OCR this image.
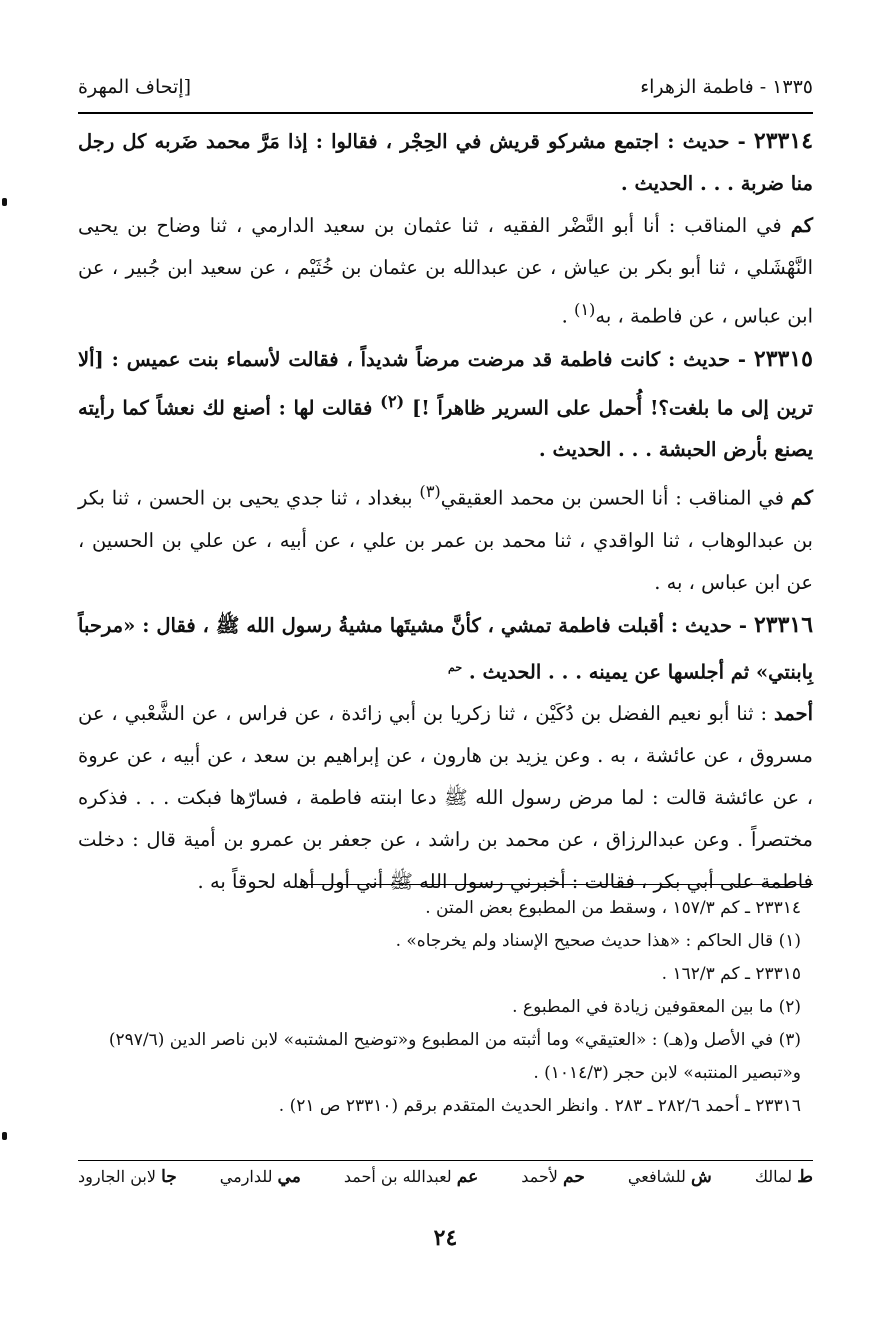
١٣٣٥ - فاطمة الزهراء
[إتحاف المهرة

٢٣٣١٤ - حديث : اجتمع مشركو قريش في الحِجْر ، فقالوا : إذا مَرَّ محمد ضَربه كل رجل منا ضربة . . . الحديث .

كم في المناقب : أنا أبو النَّضْر الفقيه ، ثنا عثمان بن سعيد الدارمي ، ثنا وضاح بن يحيى النَّهْشَلي ، ثنا أبو بكر بن عياش ، عن عبدالله بن عثمان بن خُثَيْم ، عن سعيد ابن جُبير ، عن ابن عباس ، عن فاطمة ، به$^{(١)}$ .

٢٣٣١٥ - حديث : كانت فاطمة قد مرضت مرضاً شديداً ، فقالت لأسماء بنت عميس : [ألا ترين إلى ما بلغت؟! أُحمل على السرير ظاهراً !] $^{(٢)}$ فقالت لها : أصنع لك نعشاً كما رأيته يصنع بأرض الحبشة . . . الحديث .

كم في المناقب : أنا الحسن بن محمد العقيقي$^{(٣)}$ ببغداد ، ثنا جدي يحيى بن الحسن ، ثنا بكر بن عبدالوهاب ، ثنا الواقدي ، ثنا محمد بن عمر بن علي ، عن أبيه ، عن علي بن الحسين ، عن ابن عباس ، به .

٢٣٣١٦ - حديث : أقبلت فاطمة تمشي ، كأنَّ مشيتَها مشيةُ رسول الله ﷺ ، فقال : «مرحباً بِابنتي» ثم أجلسها عن يمينه . . . الحديث . $^{حم}$

أحمد : ثنا أبو نعيم الفضل بن دُكَيْن ، ثنا زكريا بن أبي زائدة ، عن فراس ، عن الشَّعْبي ، عن مسروق ، عن عائشة ، به . وعن يزيد بن هارون ، عن إبراهيم بن سعد ، عن أبيه ، عن عروة ، عن عائشة قالت : لما مرض رسول الله ﷺ دعا ابنته فاطمة ، فسارّها فبكت . . . فذكره مختصراً . وعن عبدالرزاق ، عن محمد بن راشد ، عن جعفر بن عمرو بن أمية قال : دخلت فاطمة على أبي بكر ، فقالت : أخبرني رسول الله ﷺ أني أول أهله لحوقاً به .

٢٣٣١٤ ـ كم ١٥٧/٣ ، وسقط من المطبوع بعض المتن .

(١) قال الحاكم : «هذا حديث صحيح الإسناد ولم يخرجاه» .

٢٣٣١٥ ـ كم ١٦٢/٣ .

(٢) ما بين المعقوفين زيادة في المطبوع .

(٣) في الأصل و(هـ) : «العتيقي» وما أثبته من المطبوع و«توضيح المشتبه» لابن ناصر الدين (٢٩٧/٦) و«تبصير المنتبه» لابن حجر (١٠١٤/٣) .

٢٣٣١٦ ـ أحمد ٢٨٢/٦ ـ ٢٨٣ . وانظر الحديث المتقدم برقم (٢٣٣١٠ ص ٢١) .

ط لمالك
ش للشافعي
حم لأحمد
عم لعبدالله بن أحمد
مي للدارمي
جا لابن الجارود
٢٤
